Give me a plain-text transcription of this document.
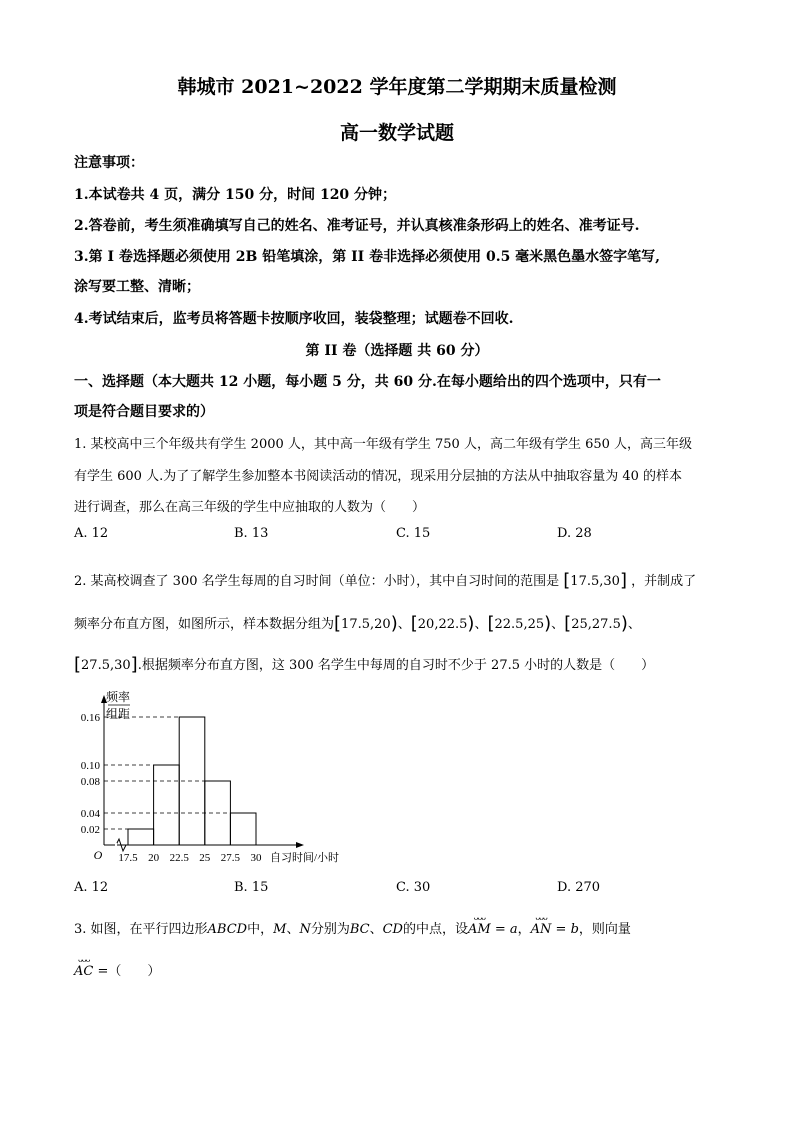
韩城市 2021~2022 学年度第二学期期末质量检测
高一数学试题
注意事项：
1.本试卷共 4 页，满分 150 分，时间 120 分钟；
2.答卷前，考生须准确填写自己的姓名、准考证号，并认真核准条形码上的姓名、准考证号.
3.第 I 卷选择题必须使用 2B 铅笔填涂，第 II 卷非选择必须使用 0.5 毫米黑色墨水签字笔写,
涂写要工整、清晰；
4.考试结束后，监考员将答题卡按顺序收回，装袋整理；试题卷不回收.
第 II 卷（选择题 共 60 分）
一、选择题（本大题共 12 小题，每小题 5 分，共 60 分.在每小题给出的四个选项中，只有一
项是符合题目要求的）
1. 某校高中三个年级共有学生 2000 人，其中高一年级有学生 750 人，高二年级有学生 650 人，高三年级
有学生 600 人.为了了解学生参加整本书阅读活动的情况，现采用分层抽的方法从中抽取容量为 40 的样本
进行调查，那么在高三年级的学生中应抽取的人数为（　　）
A. 12	B. 13	C. 15	D. 28
2. 某高校调查了 300 名学生每周的自习时间（单位：小时），其中自习时间的范围是 [17.5,30] ，并制成了
频率分布直方图，如图所示，样本数据分组为[17.5,20)、[20,22.5)、[22.5,25)、[25,27.5)、
[27.5,30].根据频率分布直方图，这 300 名学生中每周的自习时不少于 27.5 小时的人数是（　　）
频率
组距
O
0.16
0.10
0.08
0.04
0.02
17.5 20 22.5 25 27.5 30 自习时间/小时
A. 12	B. 15	C. 30	D. 270
3. 如图，在平行四边形ABCD中，M、N分别为BC、CD的中点，设
ᴗᴗᴗ
AM = a，
ᴗᴗᴗ
AN = b，则向量
ᴗᴗᴗ
AC =（　　）
